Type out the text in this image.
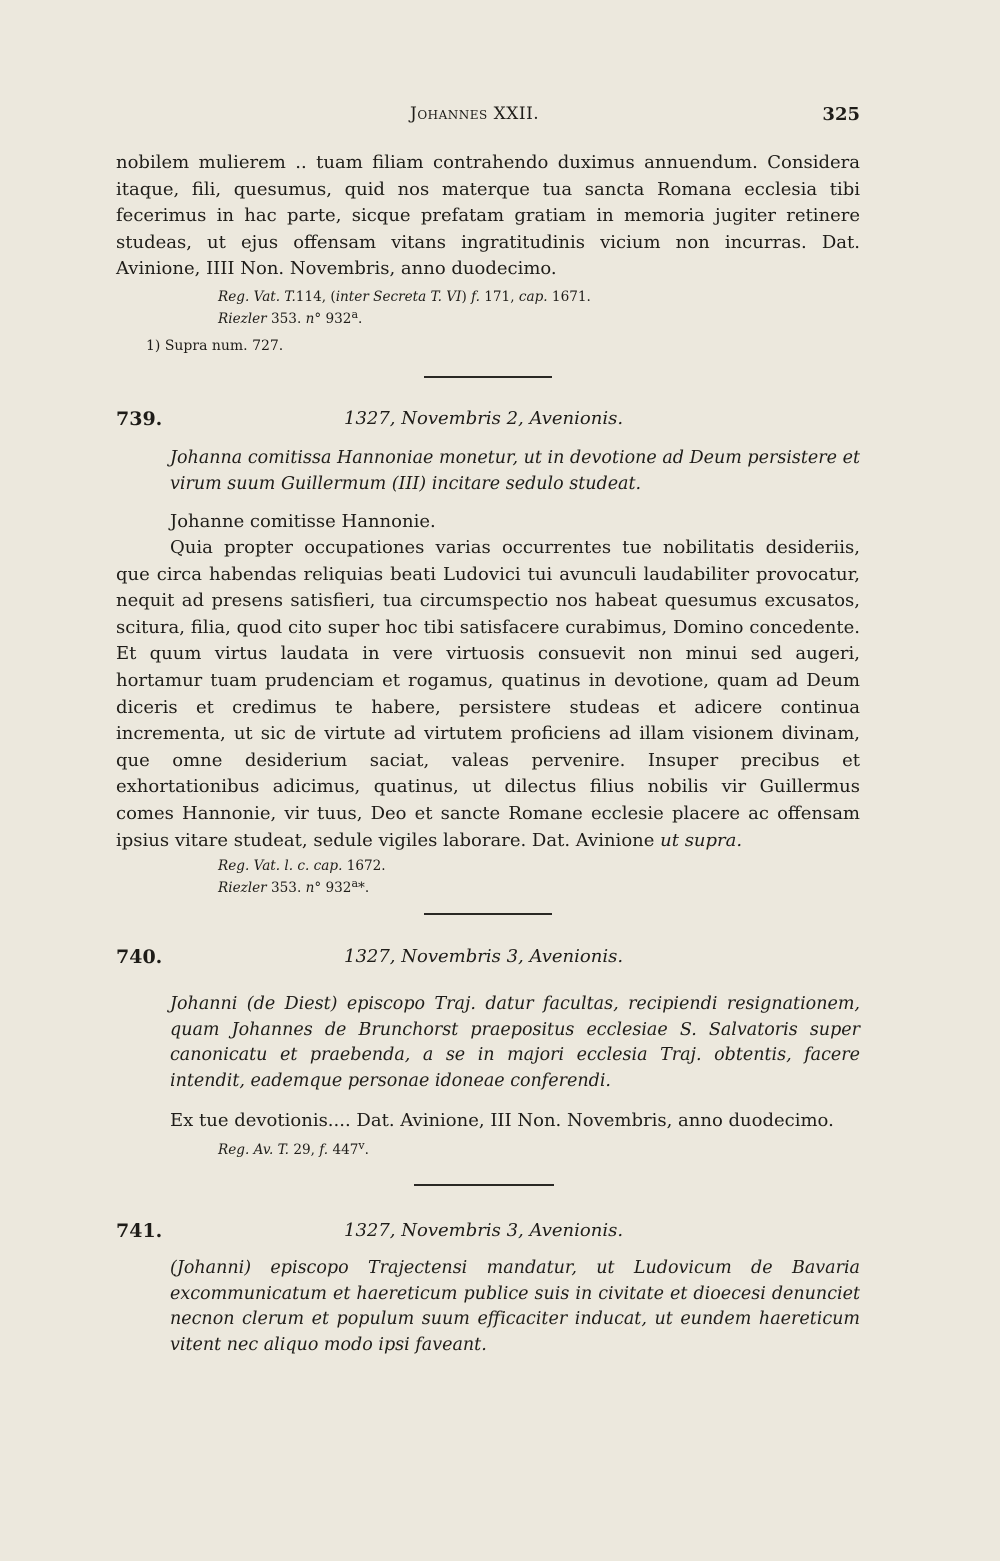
Johannes XXII.	325

nobilem mulierem .. tuam filiam contrahendo duximus annuendum. Considera itaque, fili, quesumus, quid nos materque tua sancta Romana ecclesia tibi fecerimus in hac parte, sicque prefatam gratiam in memoria jugiter retinere studeas, ut ejus offensam vitans ingratitudinis vicium non incurras. Dat. Avinione, IIII Non. Novembris, anno duodecimo.

Reg. Vat. T.114, (inter Secreta T. VI) f. 171, cap. 1671.

Riezler 353. n° 932$^a$.

1) Supra num. 727.

739.	1327, Novembris 2, Avenionis.

Johanna comitissa Hannoniae monetur, ut in devotione ad Deum persistere et virum suum Guillermum (III) incitare sedulo studeat.

Johanne comitisse Hannonie.

Quia propter occupationes varias occurrentes tue nobilitatis desideriis, que circa habendas reliquias beati Ludovici tui avunculi laudabiliter provocatur, nequit ad presens satisfieri, tua circumspectio nos habeat quesumus excusatos, scitura, filia, quod cito super hoc tibi satisfacere curabimus, Domino concedente. Et quum virtus laudata in vere virtuosis consuevit non minui sed augeri, hortamur tuam prudenciam et rogamus, quatinus in devotione, quam ad Deum diceris et credimus te habere, persistere studeas et adicere continua incrementa, ut sic de virtute ad virtutem proficiens ad illam visionem divinam, que omne desiderium saciat, valeas pervenire. Insuper precibus et exhortationibus adicimus, quatinus, ut dilectus filius nobilis vir Guillermus comes Hannonie, vir tuus, Deo et sancte Romane ecclesie placere ac offensam ipsius vitare studeat, sedule vigiles laborare. Dat. Avinione ut supra.

Reg. Vat. l. c. cap. 1672.

Riezler 353. n° 932$^a$*.

740.	1327, Novembris 3, Avenionis.

Johanni (de Diest) episcopo Traj. datur facultas, recipiendi resignationem, quam Johannes de Brunchorst praepositus ecclesiae S. Salvatoris super canonicatu et praebenda, a se in majori ecclesia Traj. obtentis, facere intendit, eademque personae idoneae conferendi.

Ex tue devotionis.... Dat. Avinione, III Non. Novembris, anno duodecimo.

Reg. Av. T. 29, f. 447$^v$.

741.	1327, Novembris 3, Avenionis.

(Johanni) episcopo Trajectensi mandatur, ut Ludovicum de Bavaria excommunicatum et haereticum publice suis in civitate et dioecesi denunciet necnon clerum et populum suum efficaciter inducat, ut eundem haereticum vitent nec aliquo modo ipsi faveant.
